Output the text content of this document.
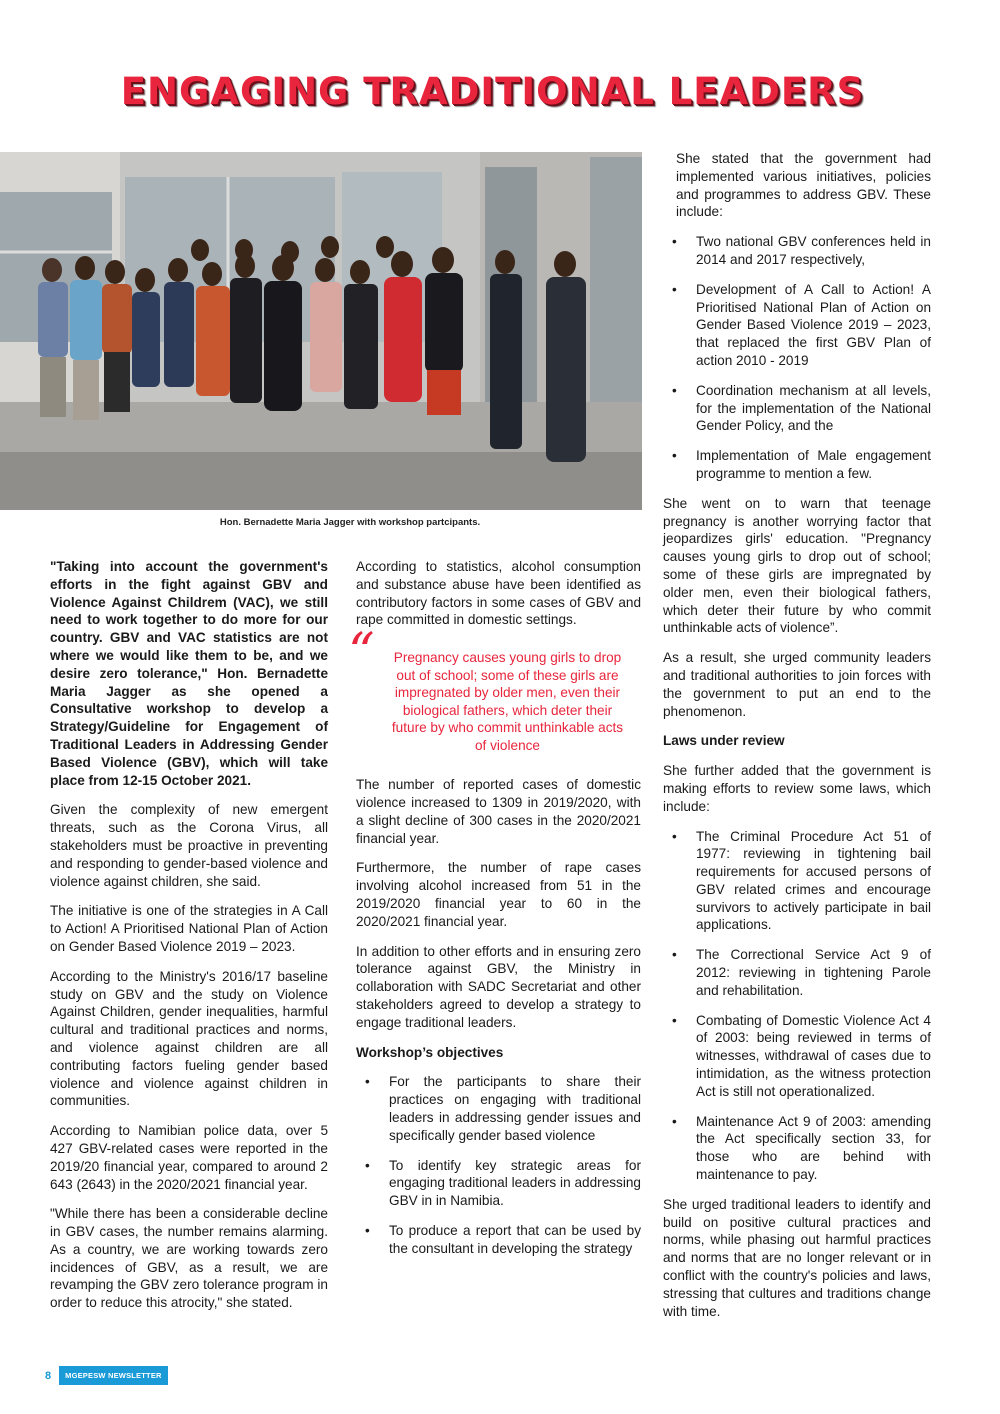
ENGAGING TRADITIONAL LEADERS
Hon. Bernadette Maria Jagger with workshop partcipants.

"Taking into account the government's efforts in the fight against GBV and Violence Against Childrem (VAC), we still need to work together to do more for our country. GBV and VAC statistics are not where we would like them to be, and we desire zero tolerance," Hon. Bernadette Maria Jagger as she opened a Consultative workshop to develop a Strategy/Guideline for Engagement of Traditional Leaders in Addressing Gender Based Violence (GBV), which will take place from 12-15 October 2021.

Given the complexity of new emergent threats, such as the Corona Virus, all stakeholders must be proactive in preventing and responding to gender-based violence and violence against children, she said.

The initiative is one of the strategies in A Call to Action! A Prioritised National Plan of Action on Gender Based Violence 2019 – 2023.

According to the Ministry's 2016/17 baseline study on GBV and the study on Violence Against Children, gender inequalities, harmful cultural and traditional practices and norms, and violence against children are all contributing factors fueling gender based violence and violence against children in communities.

According to Namibian police data, over 5 427 GBV-related cases were reported in the 2019/20 financial year, compared to around 2 643 (2643) in the 2020/2021 financial year.

"While there has been a considerable decline in GBV cases, the number remains alarming. As a country, we are working towards zero incidences of GBV, as a result, we are revamping the GBV zero tolerance program in order to reduce this atrocity," she stated.

According to statistics, alcohol consumption and substance abuse have been identified as contributory factors in some cases of GBV and rape committed in domestic settings.

“	Pregnancy causes young girls to drop out of school; some of these girls are impregnated by older men, even their biological fathers, which deter their future by who commit unthinkable acts of violence

The number of reported cases of domestic violence increased to 1309 in 2019/2020, with a slight decline of 300 cases in the 2020/2021 financial year.

Furthermore, the number of rape cases involving alcohol increased from 51 in the 2019/2020 financial year to 60 in the 2020/2021 financial year.

In addition to other efforts and in ensuring zero tolerance against GBV, the Ministry in collaboration with SADC Secretariat and other stakeholders agreed to develop a strategy to engage traditional leaders.

Workshop’s objectives
• For the participants to share their practices on engaging with traditional leaders in addressing gender issues and specifically gender based violence
• To identify key strategic areas for engaging traditional leaders in addressing GBV in in Namibia.
• To produce a report that can be used by the consultant in developing the strategy

She stated that the government had implemented various initiatives, policies and programmes to address GBV. These include:

• Two national GBV conferences held in 2014 and 2017 respectively,
• Development of A Call to Action! A Prioritised National Plan of Action on Gender Based Violence 2019 – 2023, that replaced the first GBV Plan of action 2010 - 2019
• Coordination mechanism at all levels, for the implementation of the National Gender Policy, and the
• Implementation of Male engagement programme to mention a few.

She went on to warn that teenage pregnancy is another worrying factor that jeopardizes girls' education. "Pregnancy causes young girls to drop out of school; some of these girls are impregnated by older men, even their biological fathers, which deter their future by who commit unthinkable acts of violence”.

As a result, she urged community leaders and traditional authorities to join forces with the government to put an end to the phenomenon.

Laws under review

She further added that the government is making efforts to review some laws, which include:

• The Criminal Procedure Act 51 of 1977: reviewing in tightening bail requirements for accused persons of GBV related crimes and encourage survivors to actively participate in bail applications.
• The Correctional Service Act 9 of 2012: reviewing in tightening Parole and rehabilitation.
• Combating of Domestic Violence Act 4 of 2003: being reviewed in terms of witnesses, withdrawal of cases due to intimidation, as the witness protection Act is still not operationalized.
• Maintenance Act 9 of 2003: amending the Act specifically section 33, for those who are behind with maintenance to pay.

She urged traditional leaders to identify and build on positive cultural practices and norms, while phasing out harmful practices and norms that are no longer relevant or in conflict with the country's policies and laws, stressing that cultures and traditions change with time.

8	MGEPESW NEWSLETTER
